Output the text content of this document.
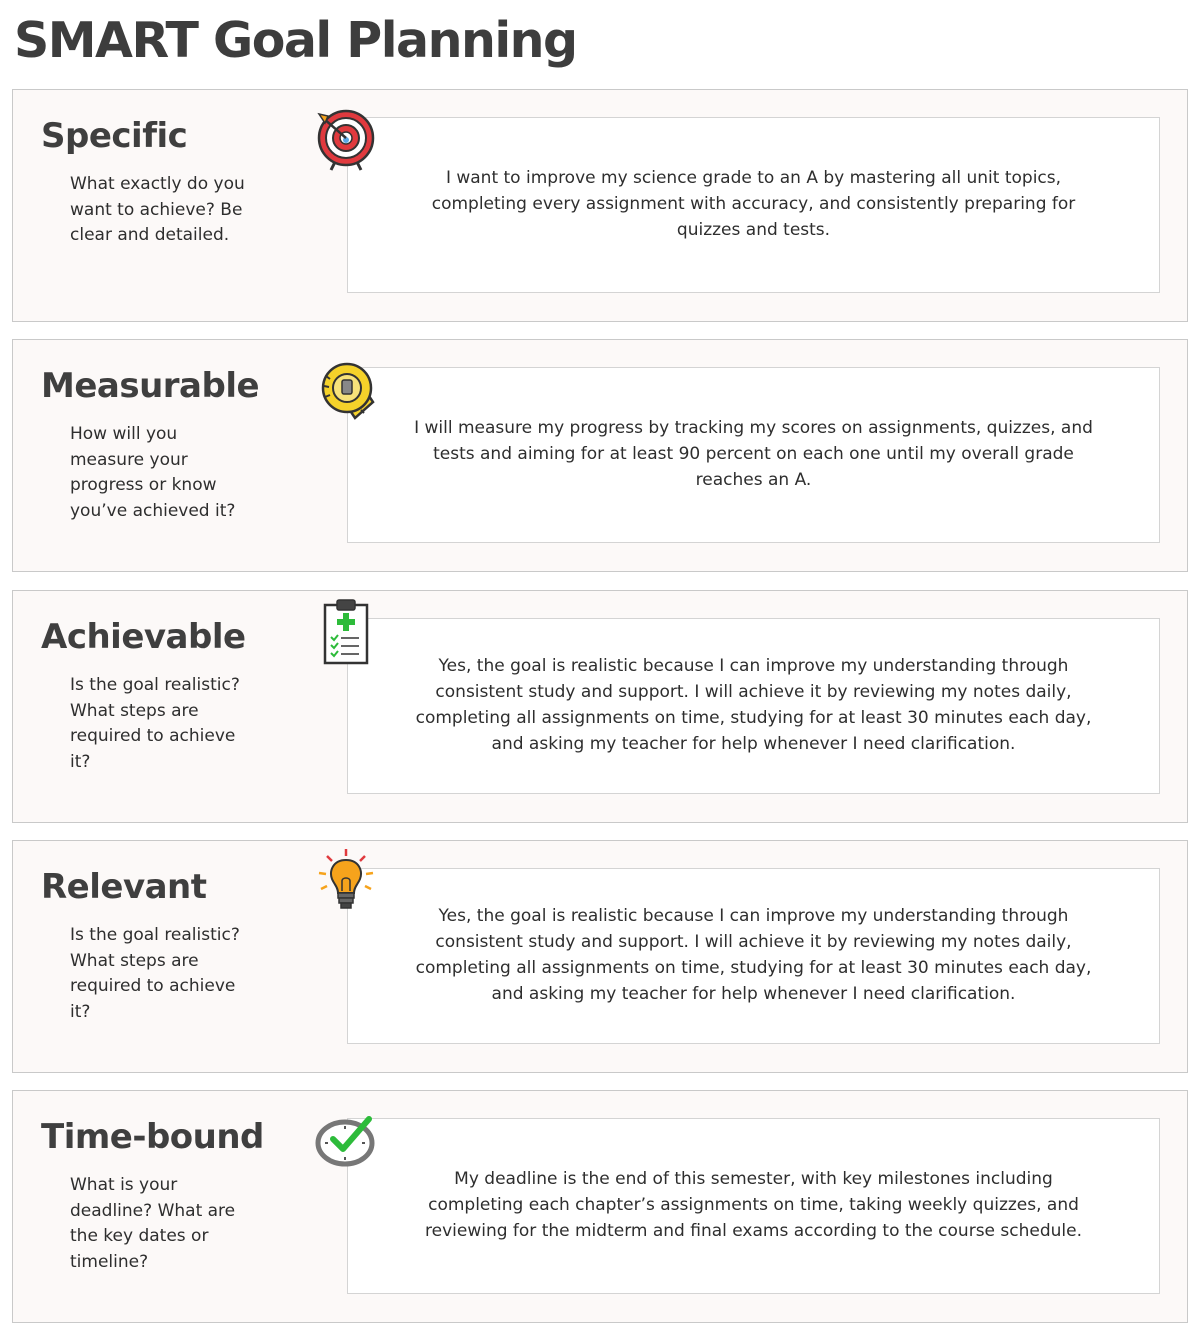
SMART Goal Planning
Specific
What exactly do you want to achieve? Be clear and detailed.
I want to improve my science grade to an A by mastering all unit topics, completing every assignment with accuracy, and consistently preparing for quizzes and tests.
Measurable
How will you measure your progress or know you’ve achieved it?
I will measure my progress by tracking my scores on assignments, quizzes, and tests and aiming for at least 90 percent on each one until my overall grade reaches an A.
Achievable
Is the goal realistic? What steps are required to achieve it?
Yes, the goal is realistic because I can improve my understanding through consistent study and support. I will achieve it by reviewing my notes daily, completing all assignments on time, studying for at least 30 minutes each day, and asking my teacher for help whenever I need clarification.
Relevant
Is the goal realistic? What steps are required to achieve it?
Yes, the goal is realistic because I can improve my understanding through consistent study and support. I will achieve it by reviewing my notes daily, completing all assignments on time, studying for at least 30 minutes each day, and asking my teacher for help whenever I need clarification.
Time-bound
What is your deadline? What are the key dates or timeline?
My deadline is the end of this semester, with key milestones including completing each chapter’s assignments on time, taking weekly quizzes, and reviewing for the midterm and final exams according to the course schedule.
